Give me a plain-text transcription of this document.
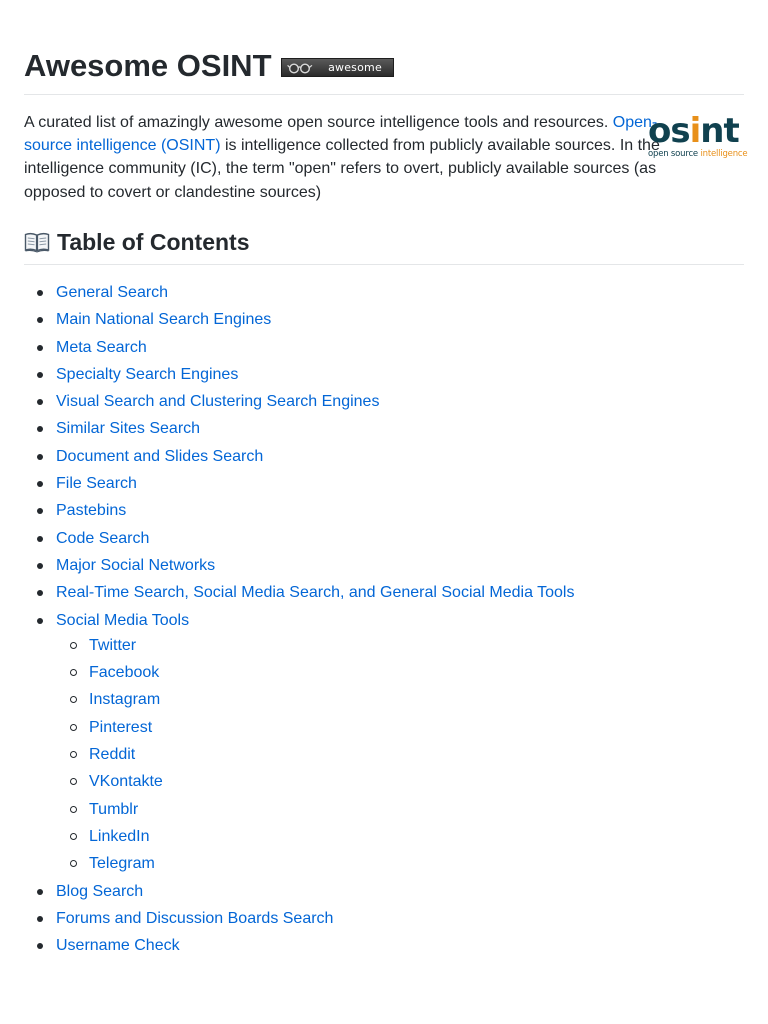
Awesome OSINT	awesome

A curated list of amazingly awesome open source intelligence tools and resources. Open-source intelligence (OSINT) is intelligence collected from publicly available sources. In the intelligence community (IC), the term "open" refers to overt, publicly available sources (as opposed to covert or clandestine sources)

osint
open source intelligence
Table of Contents
General Search
Main National Search Engines
Meta Search
Specialty Search Engines
Visual Search and Clustering Search Engines
Similar Sites Search
Document and Slides Search
File Search
Pastebins
Code Search
Major Social Networks
Real-Time Search, Social Media Search, and General Social Media Tools
Social Media Tools
Twitter
Facebook
Instagram
Pinterest
Reddit
VKontakte
Tumblr
LinkedIn
Telegram
Blog Search
Forums and Discussion Boards Search
Username Check
